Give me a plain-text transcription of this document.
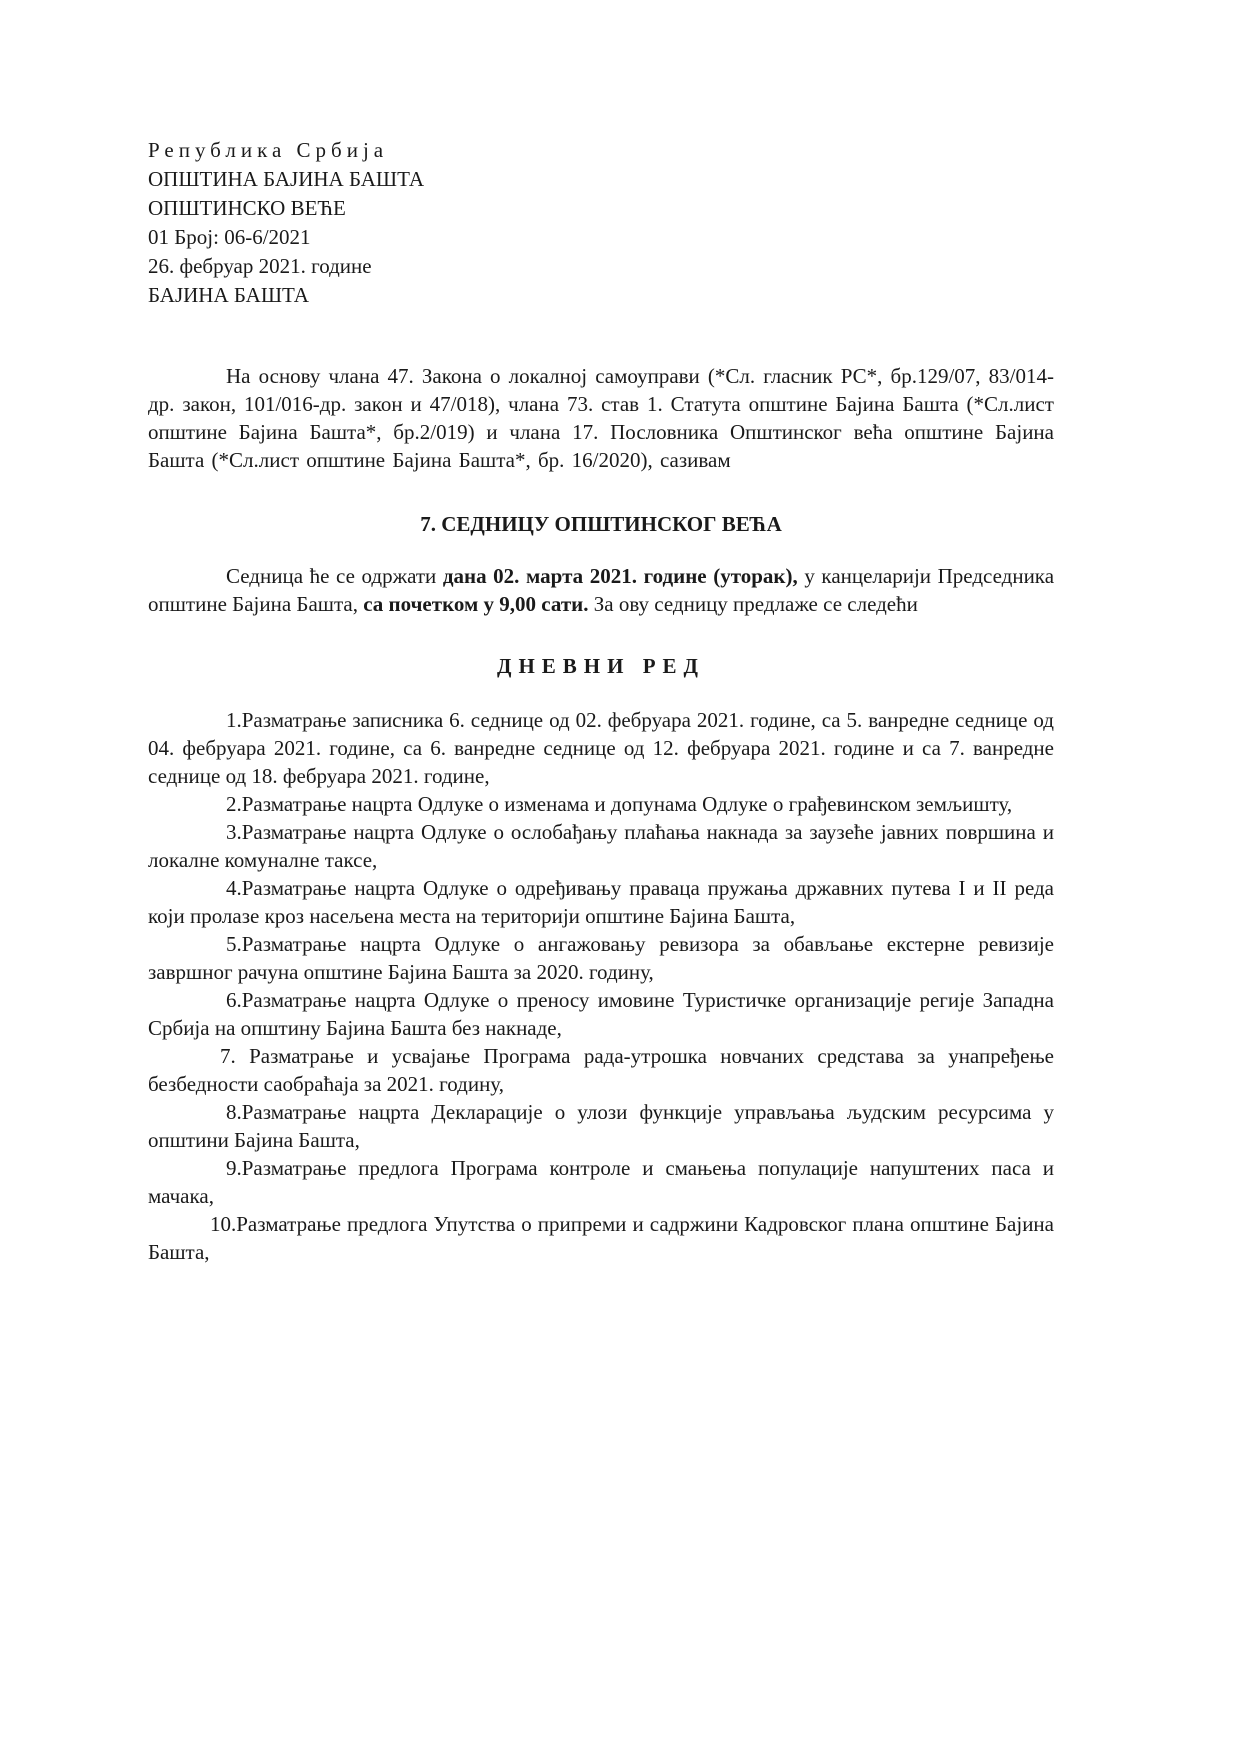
Република Србија
ОПШТИНА БАЈИНА БАШТА
ОПШТИНСКО ВЕЋЕ
01 Број: 06-6/2021
26. фебруар 2021. године
БАЈИНА БАШТА

На основу члана 47. Закона о локалној самоуправи (*Сл. гласник РС*, бр.129/07, 83/014-др. закон, 101/016-др. закон и 47/018), члана 73. став 1. Статута општине Бајина Башта (*Сл.лист општине Бајина Башта*, бр.2/019) и члана 17. Пословника Општинског већа општине Бајина Башта (*Сл.лист општине Бајина Башта*, бр. 16/2020), сазивам

7. СЕДНИЦУ ОПШТИНСКОГ ВЕЋА

Седница ће се одржати дана 02. марта 2021. године (уторак), у канцеларији Председника општине Бајина Башта, са почетком у 9,00 сати. За ову седницу предлаже се следећи

ДНЕВНИ РЕД

1.Разматрање записника 6. седнице од 02. фебруара 2021. године, са 5. ванредне седнице од 04. фебруара 2021. године, са 6. ванредне седнице од 12. фебруара 2021. године и са 7. ванредне седнице од 18. фебруара 2021. године,

2.Разматрање нацрта Одлуке о изменама и допунама Одлуке о грађевинском земљишту,

3.Разматрање нацрта Одлуке о ослобађању плаћања накнада за заузеће јавних површина и локалне комуналне таксе,

4.Разматрање нацрта Одлуке о одређивању праваца пружања државних путева I и II реда који пролазе кроз насељена места на територији општине Бајина Башта,

5.Разматрање нацрта Одлуке о ангажовању ревизора за обављање екстерне ревизије завршног рачуна општине Бајина Башта за 2020. годину,

6.Разматрање нацрта Одлуке о преносу имовине Туристичке организације регије Западна Србија на општину Бајина Башта без накнаде,

7. Разматрање и усвајање Програма рада-утрошка новчаних средстава за унапређење безбедности саобраћаја за 2021. годину,

8.Разматрање нацрта Декларације о улози функције управљања људским ресурсима у општини Бајина Башта,

9.Разматрање предлога Програма контроле и смањења популације напуштених паса и мачака,

10.Разматрање предлога Упутства о припреми и садржини Кадровског плана општине Бајина Башта,
